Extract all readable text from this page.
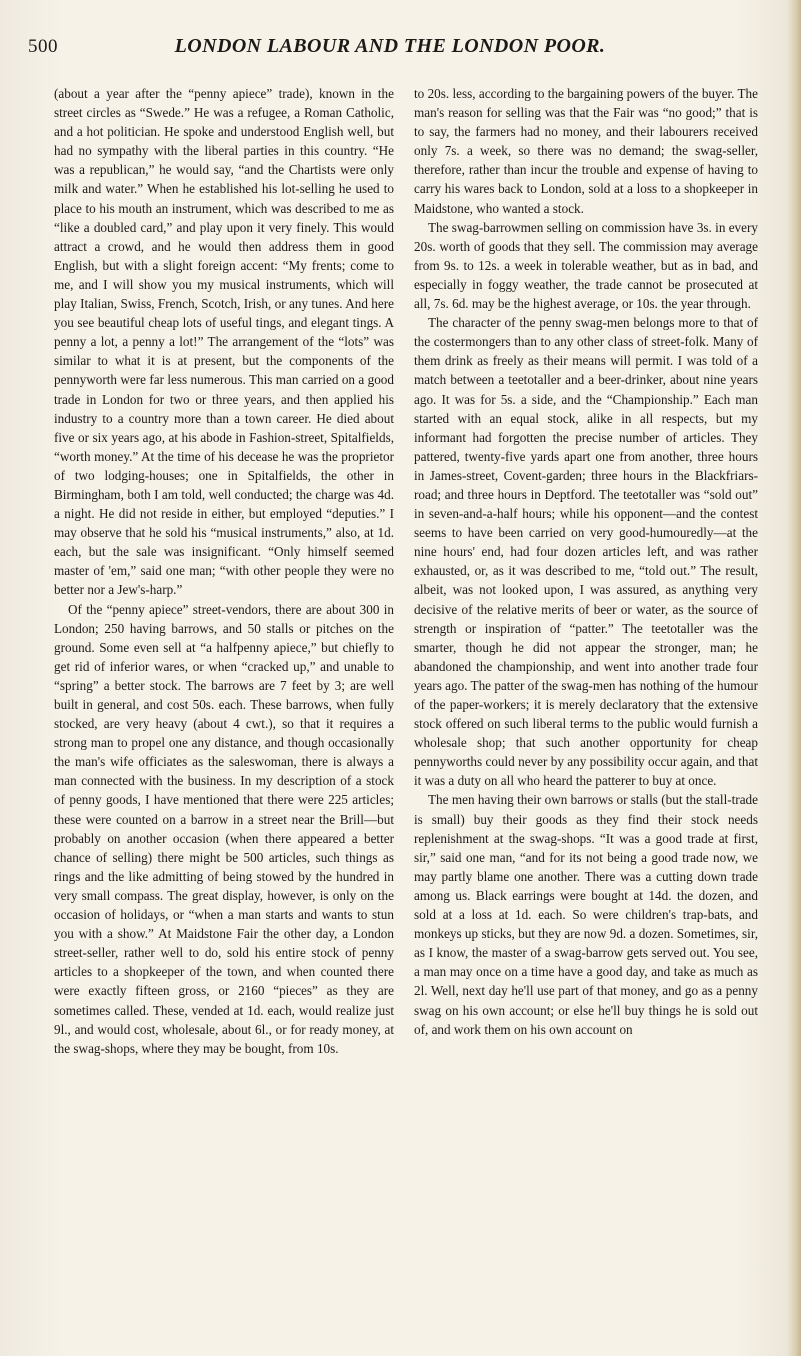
500	LONDON LABOUR AND THE LONDON POOR.

(about a year after the “penny apiece” trade), known in the street circles as “Swede.” He was a refugee, a Roman Catholic, and a hot politician. He spoke and understood English well, but had no sympathy with the liberal parties in this country. “He was a republican,” he would say, “and the Chartists were only milk and water.” When he established his lot-selling he used to place to his mouth an instrument, which was described to me as “like a doubled card,” and play upon it very finely. This would attract a crowd, and he would then address them in good English, but with a slight foreign accent: “My frents; come to me, and I will show you my musical instruments, which will play Italian, Swiss, French, Scotch, Irish, or any tunes. And here you see beautiful cheap lots of useful tings, and elegant tings. A penny a lot, a penny a lot!” The arrangement of the “lots” was similar to what it is at present, but the components of the pennyworth were far less numerous. This man carried on a good trade in London for two or three years, and then applied his industry to a country more than a town career. He died about five or six years ago, at his abode in Fashion-street, Spitalfields, “worth money.” At the time of his decease he was the proprietor of two lodging-houses; one in Spitalfields, the other in Birmingham, both I am told, well conducted; the charge was 4d. a night. He did not reside in either, but employed “deputies.” I may observe that he sold his “musical instruments,” also, at 1d. each, but the sale was insignificant. “Only himself seemed master of 'em,” said one man; “with other people they were no better nor a Jew's-harp.”

Of the “penny apiece” street-vendors, there are about 300 in London; 250 having barrows, and 50 stalls or pitches on the ground. Some even sell at “a halfpenny apiece,” but chiefly to get rid of inferior wares, or when “cracked up,” and unable to “spring” a better stock. The barrows are 7 feet by 3; are well built in general, and cost 50s. each. These barrows, when fully stocked, are very heavy (about 4 cwt.), so that it requires a strong man to propel one any distance, and though occasionally the man's wife officiates as the saleswoman, there is always a man connected with the business. In my description of a stock of penny goods, I have mentioned that there were 225 articles; these were counted on a barrow in a street near the Brill—but probably on another occasion (when there appeared a better chance of selling) there might be 500 articles, such things as rings and the like admitting of being stowed by the hundred in very small compass. The great display, however, is only on the occasion of holidays, or “when a man starts and wants to stun you with a show.” At Maidstone Fair the other day, a London street-seller, rather well to do, sold his entire stock of penny articles to a shopkeeper of the town, and when counted there were exactly fifteen gross, or 2160 “pieces” as they are sometimes called. These, vended at 1d. each, would realize just 9l., and would cost, wholesale, about 6l., or for ready money, at the swag-shops, where they may be bought, from 10s.

to 20s. less, according to the bargaining powers of the buyer. The man's reason for selling was that the Fair was “no good;” that is to say, the farmers had no money, and their labourers received only 7s. a week, so there was no demand; the swag-seller, therefore, rather than incur the trouble and expense of having to carry his wares back to London, sold at a loss to a shopkeeper in Maidstone, who wanted a stock.

The swag-barrowmen selling on commission have 3s. in every 20s. worth of goods that they sell. The commission may average from 9s. to 12s. a week in tolerable weather, but as in bad, and especially in foggy weather, the trade cannot be prosecuted at all, 7s. 6d. may be the highest average, or 10s. the year through.

The character of the penny swag-men belongs more to that of the costermongers than to any other class of street-folk. Many of them drink as freely as their means will permit. I was told of a match between a teetotaller and a beer-drinker, about nine years ago. It was for 5s. a side, and the “Championship.” Each man started with an equal stock, alike in all respects, but my informant had forgotten the precise number of articles. They pattered, twenty-five yards apart one from another, three hours in James-street, Covent-garden; three hours in the Blackfriars-road; and three hours in Deptford. The teetotaller was “sold out” in seven-and-a-half hours; while his opponent—and the contest seems to have been carried on very good-humouredly—at the nine hours' end, had four dozen articles left, and was rather exhausted, or, as it was described to me, “told out.” The result, albeit, was not looked upon, I was assured, as anything very decisive of the relative merits of beer or water, as the source of strength or inspiration of “patter.” The teetotaller was the smarter, though he did not appear the stronger, man; he abandoned the championship, and went into another trade four years ago. The patter of the swag-men has nothing of the humour of the paper-workers; it is merely declaratory that the extensive stock offered on such liberal terms to the public would furnish a wholesale shop; that such another opportunity for cheap pennyworths could never by any possibility occur again, and that it was a duty on all who heard the patterer to buy at once.

The men having their own barrows or stalls (but the stall-trade is small) buy their goods as they find their stock needs replenishment at the swag-shops. “It was a good trade at first, sir,” said one man, “and for its not being a good trade now, we may partly blame one another. There was a cutting down trade among us. Black earrings were bought at 14d. the dozen, and sold at a loss at 1d. each. So were children's trap-bats, and monkeys up sticks, but they are now 9d. a dozen. Sometimes, sir, as I know, the master of a swag-barrow gets served out. You see, a man may once on a time have a good day, and take as much as 2l. Well, next day he'll use part of that money, and go as a penny swag on his own account; or else he'll buy things he is sold out of, and work them on his own account on
